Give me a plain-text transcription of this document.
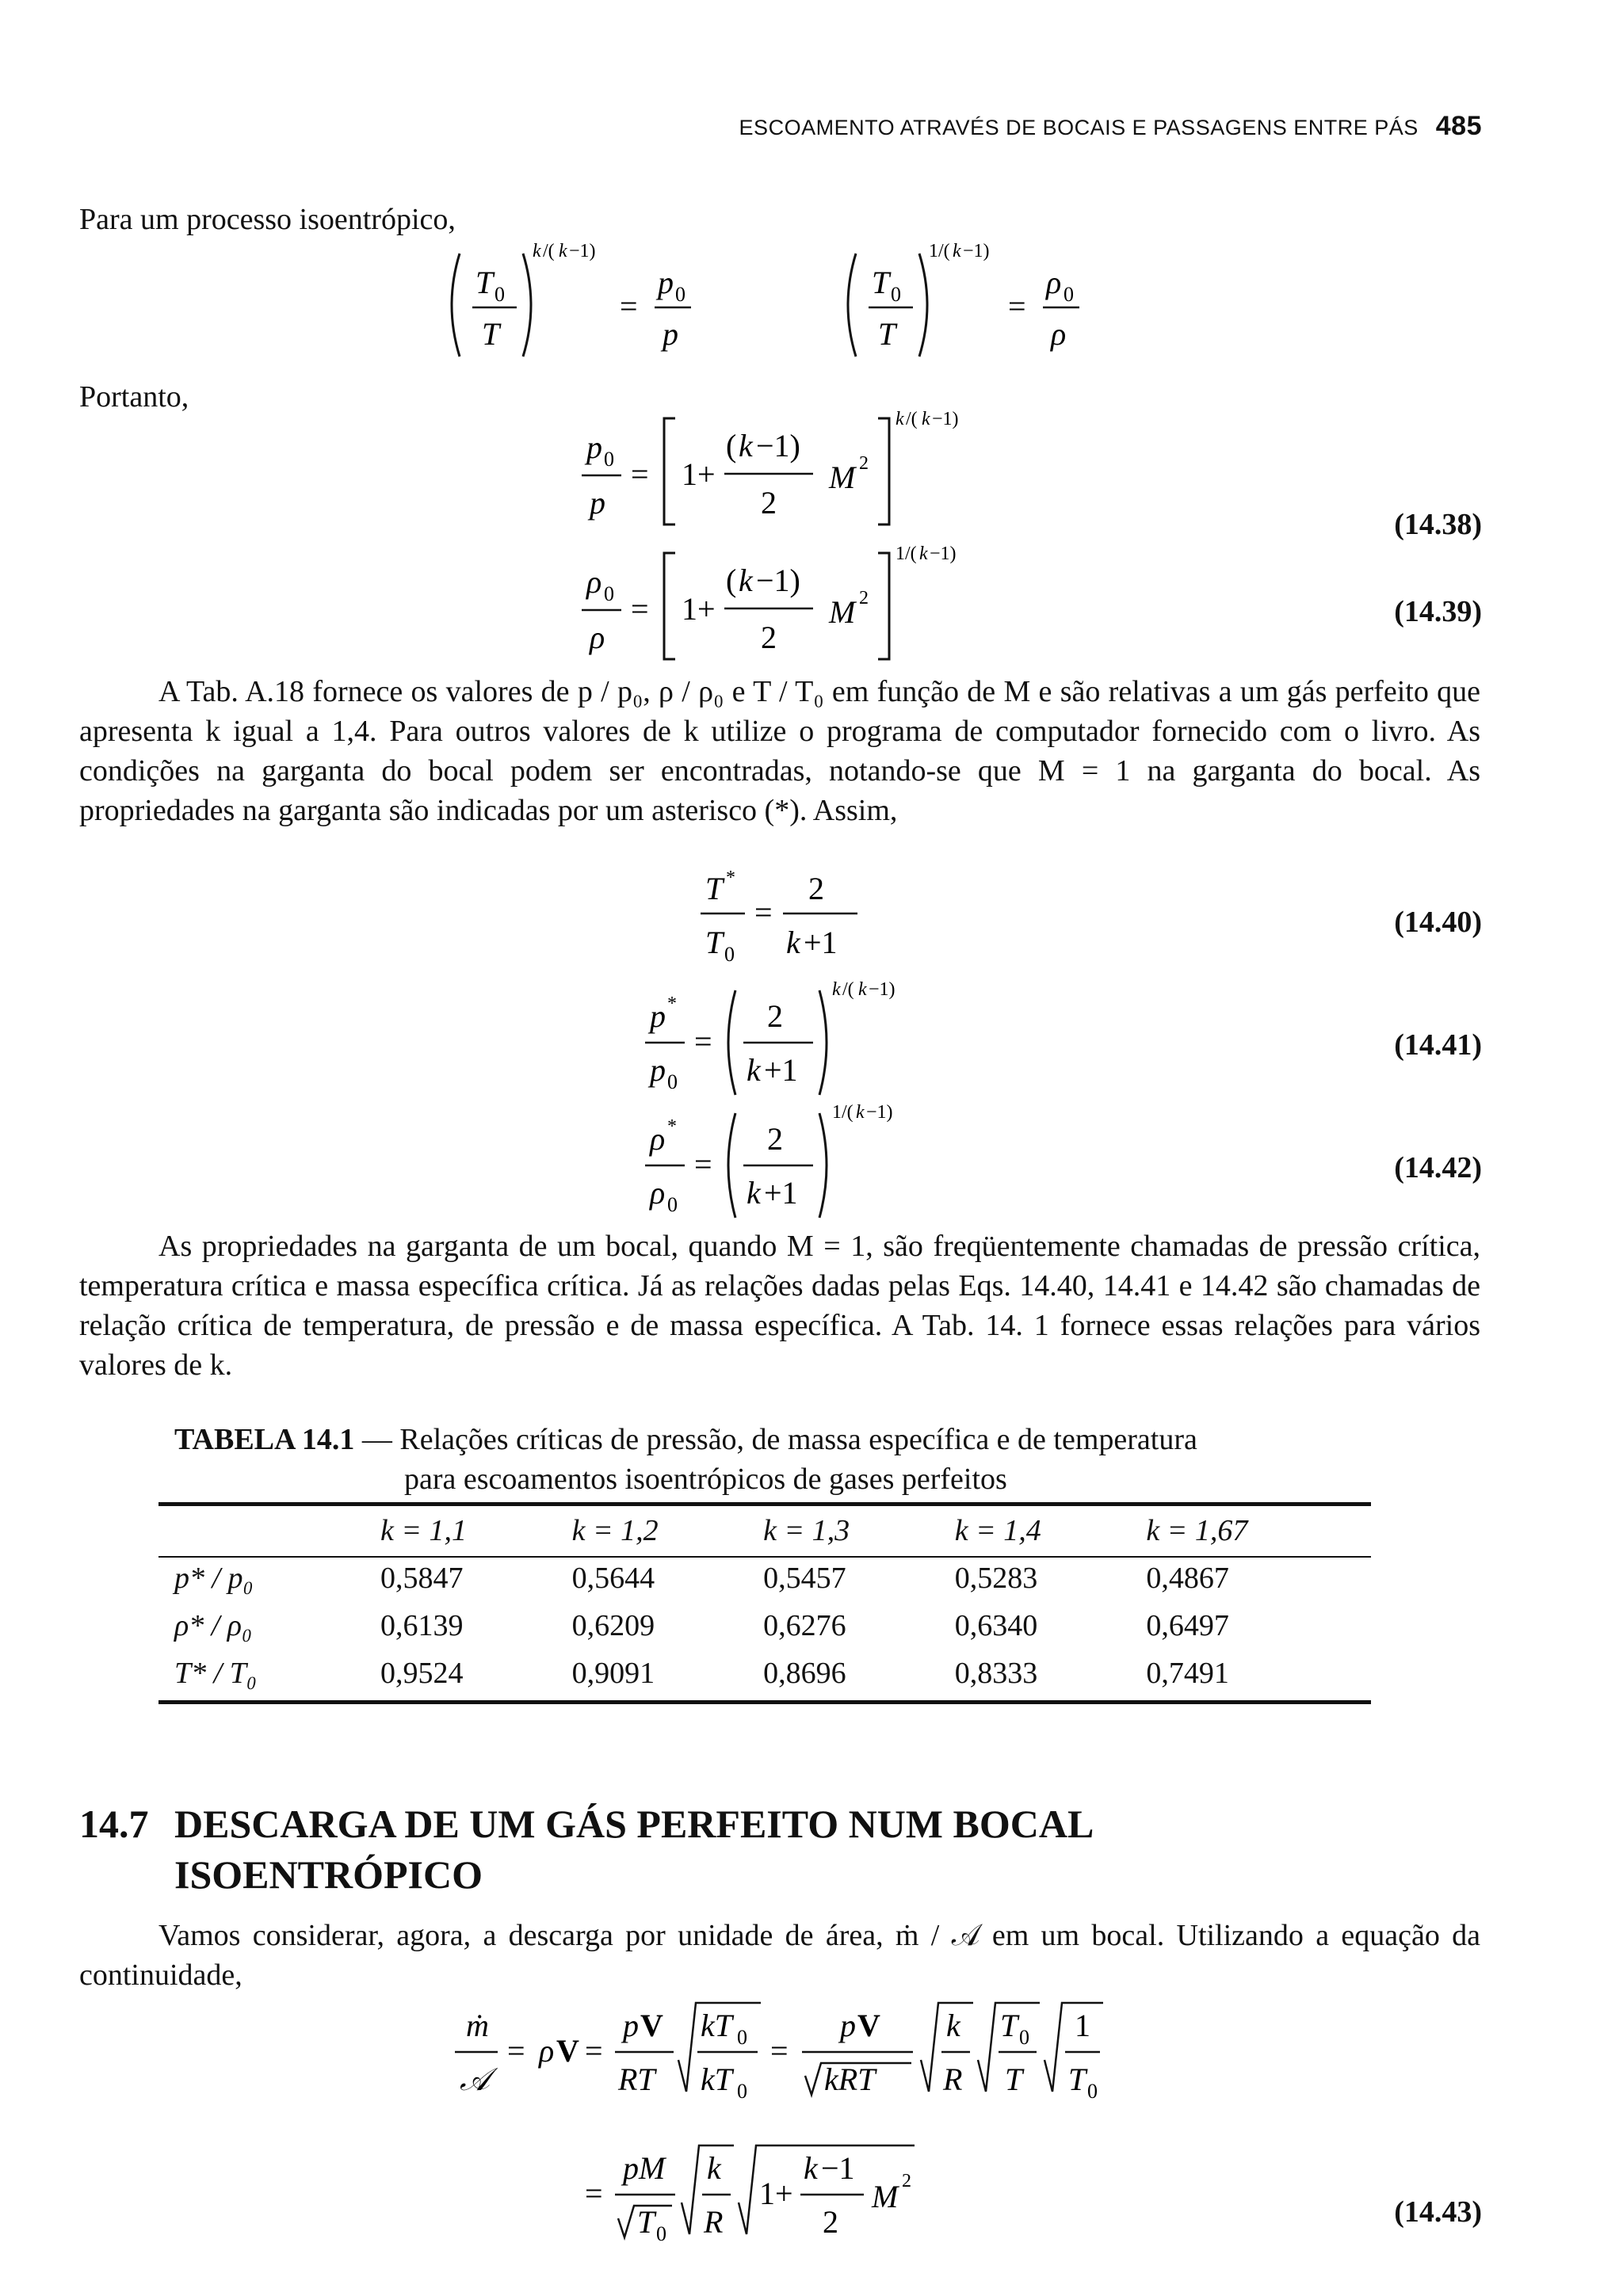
ESCOAMENTO ATRAVÉS DE BOCAIS E PASSAGENS ENTRE PÁS 485
Para um processo isoentrópico,
T 0
T
k /( k −1)
=
p 0
p
T 0
T
1/( k −1)
=
ρ 0
ρ
Portanto,
p 0
p
= 1+
( k −1)
2
M 2
k /( k −1)
(14.38)
ρ 0
ρ
= 1+
( k −1)
2
M 2
1/( k −1)
(14.39)

A Tab. A.18 fornece os valores de p / p₀, ρ / ρ₀ e T / T₀ em função de M e são relativas a um gás perfeito que apresenta k igual a 1,4. Para outros valores de k utilize o programa de computador fornecido com o livro. As condições na garganta do bocal podem ser encontradas, notando-se que M = 1 na garganta do bocal. As propriedades na garganta são indicadas por um asterisco (*). Assim,

T *
T 0
=
2
k +1
(14.40)
p *
p 0
=
2
k +1
k /( k −1)
(14.41)
ρ *
ρ 0
=
2
k +1
1/( k −1)
(14.42)

As propriedades na garganta de um bocal, quando M = 1, são freqüentemente chamadas de pressão crítica, temperatura crítica e massa específica crítica. Já as relações dadas pelas Eqs. 14.40, 14.41 e 14.42 são chamadas de relação crítica de temperatura, de pressão e de massa específica. A Tab. 14. 1 fornece essas relações para vários valores de k.

TABELA 14.1 — Relações críticas de pressão, de massa específica e de temperatura
para escoamentos isoentrópicos de gases perfeitos
	k = 1,1	k = 1,2	k = 1,3	k = 1,4	k = 1,67
p* / p₀	0,5847	0,5644	0,5457	0,5283	0,4867
ρ* / ρ₀	0,6139	0,6209	0,6276	0,6340	0,6497
T* / T₀	0,9524	0,9091	0,8696	0,8333	0,7491
14.7 DESCARGA DE UM GÁS PERFEITO NUM BOCAL
ISOENTRÓPICO

Vamos considerar, agora, a descarga por unidade de área, ṁ / 𝒜 em um bocal. Utilizando a equação da continuidade,

ṁ
𝒜
= ρ V =
p V
RT
kT 0
kT 0
=
p V
kRT
k
R
T 0
T
1
T 0
=
pM
T 0
k
R
1+
k −1
2
M 2
(14.43)
